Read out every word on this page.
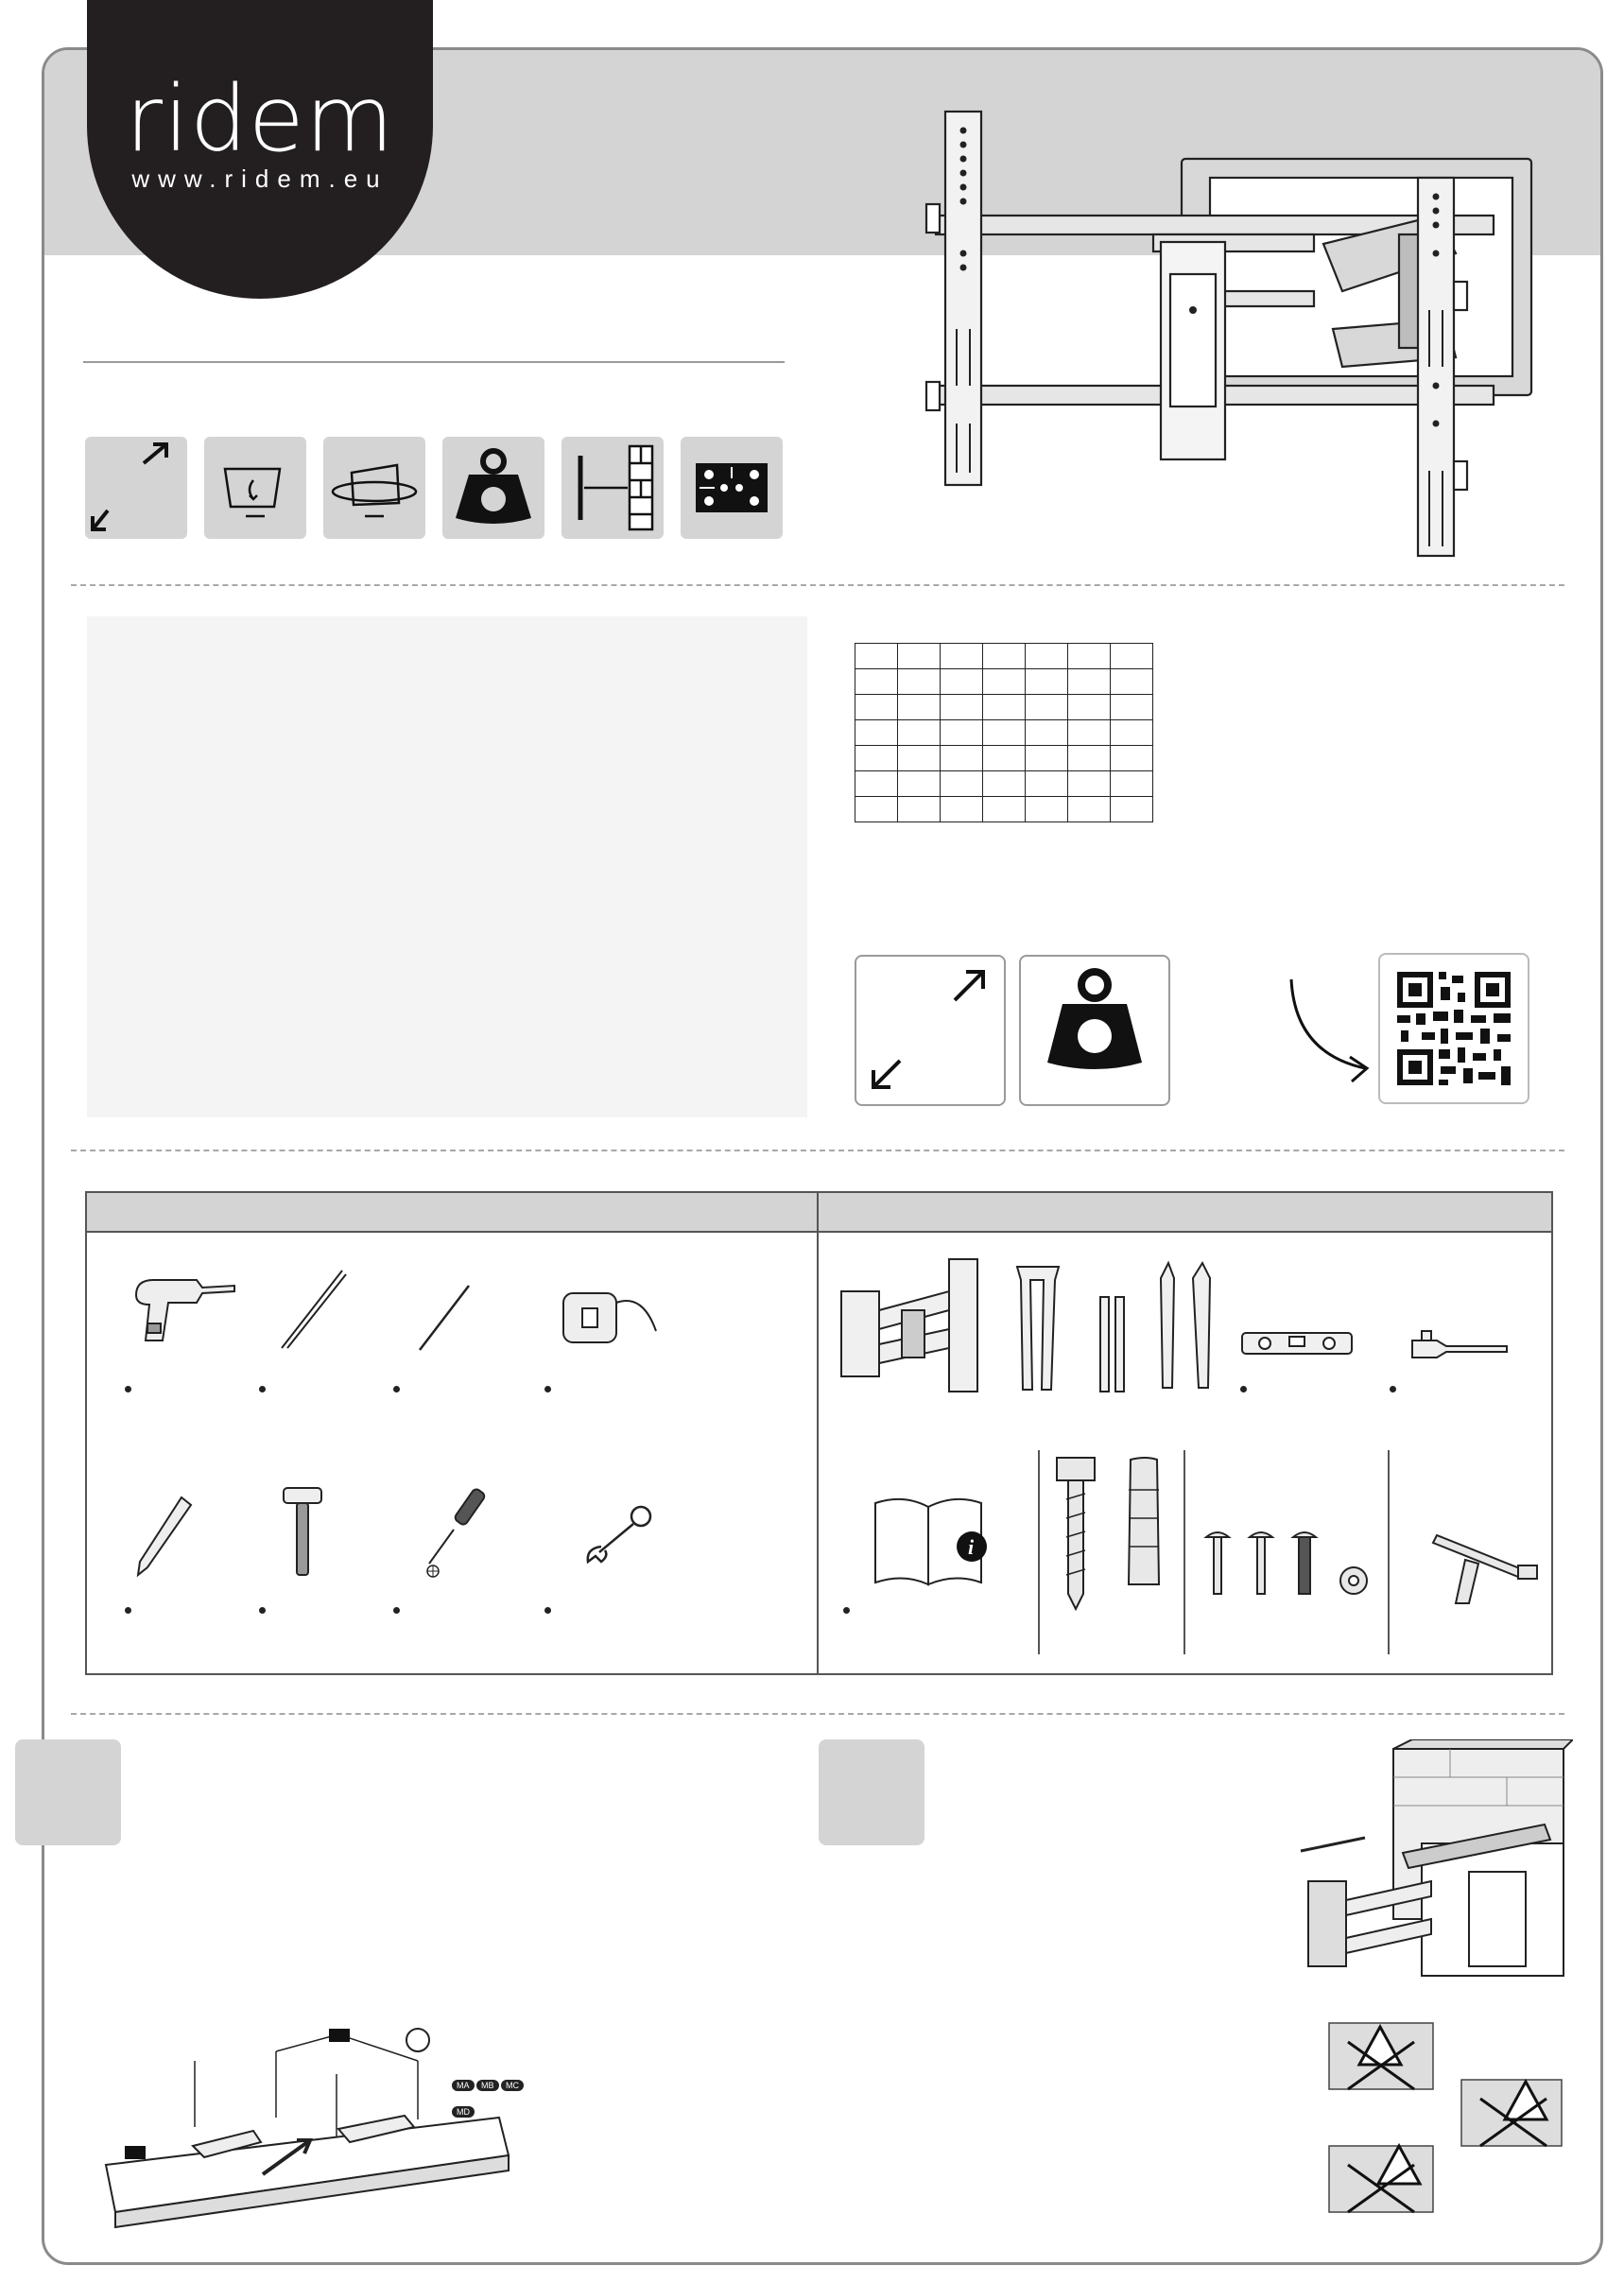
ridem
www.ridem.eu

i
MA	MB	MC
MD
